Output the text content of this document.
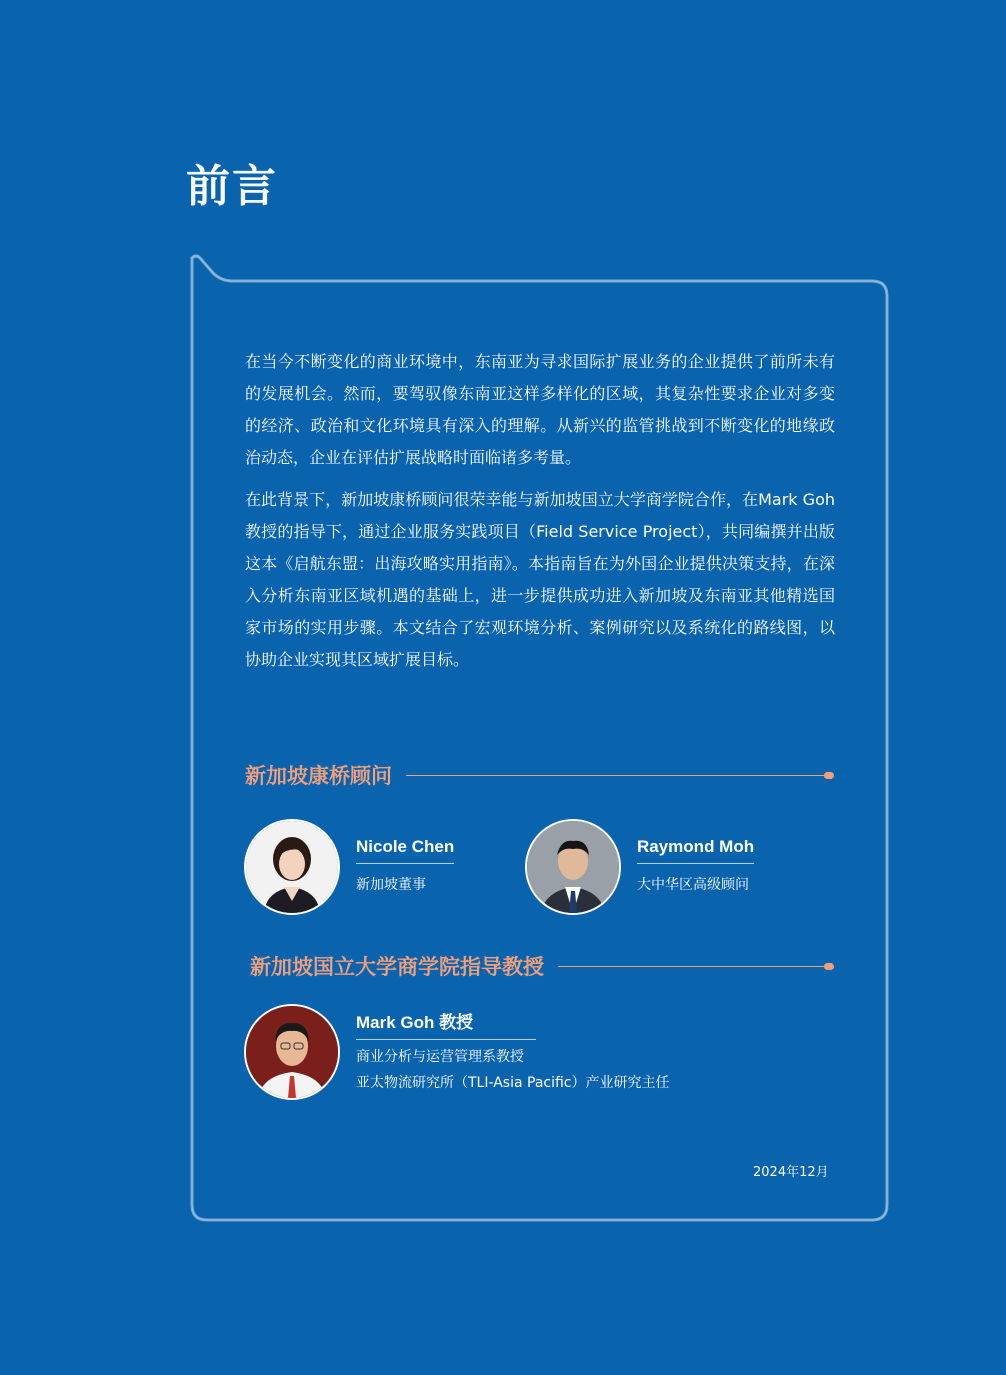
前言

在当今不断变化的商业环境中，东南亚为寻求国际扩展业务的企业提供了前所未有的发展机会。然而，要驾驭像东南亚这样多样化的区域，其复杂性要求企业对多变的经济、政治和文化环境具有深入的理解。从新兴的监管挑战到不断变化的地缘政治动态，企业在评估扩展战略时面临诸多考量。

在此背景下，新加坡康桥顾问很荣幸能与新加坡国立大学商学院合作，在Mark Goh教授的指导下，通过企业服务实践项目（Field Service Project），共同编撰并出版这本《启航东盟：出海攻略实用指南》。本指南旨在为外国企业提供决策支持，在深入分析东南亚区域机遇的基础上，进一步提供成功进入新加坡及东南亚其他精选国家市场的实用步骤。本文结合了宏观环境分析、案例研究以及系统化的路线图，以协助企业实现其区域扩展目标。

新加坡康桥顾问
Nicole Chen
新加坡董事
Raymond Moh
大中华区高级顾问
新加坡国立大学商学院指导教授
Mark Goh 教授
商业分析与运营管理系教授
亚太物流研究所（TLI-Asia Pacific）产业研究主任
2024年12月
